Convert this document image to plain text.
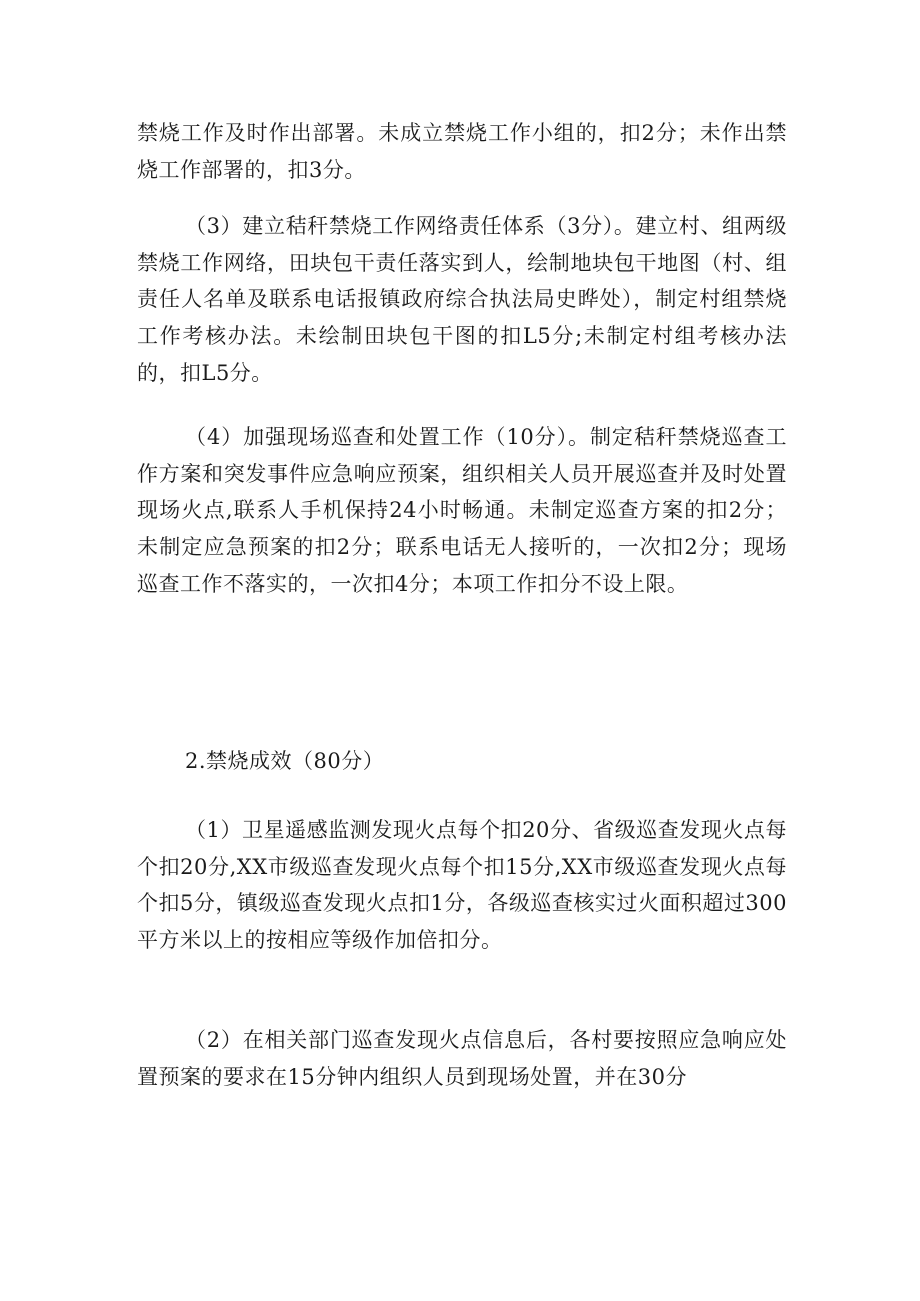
禁烧工作及时作出部署。未成立禁烧工作小组的，扣2分；未作出禁烧工作部署的，扣3分。

（3）建立秸秆禁烧工作网络责任体系（3分）。建立村、组两级禁烧工作网络，田块包干责任落实到人，绘制地块包干地图（村、组责任人名单及联系电话报镇政府综合执法局史晔处），制定村组禁烧工作考核办法。未绘制田块包干图的扣L5分;未制定村组考核办法的，扣L5分。

（4）加强现场巡查和处置工作（10分）。制定秸秆禁烧巡查工作方案和突发事件应急响应预案，组织相关人员开展巡查并及时处置现场火点,联系人手机保持24小时畅通。未制定巡查方案的扣2分；未制定应急预案的扣2分；联系电话无人接听的，一次扣2分；现场巡查工作不落实的，一次扣4分；本项工作扣分不设上限。

2.禁烧成效（80分）

（1）卫星遥感监测发现火点每个扣20分、省级巡查发现火点每个扣20分,XX市级巡查发现火点每个扣15分,XX市级巡查发现火点每个扣5分，镇级巡查发现火点扣1分，各级巡查核实过火面积超过300平方米以上的按相应等级作加倍扣分。

（2）在相关部门巡查发现火点信息后，各村要按照应急响应处置预案的要求在15分钟内组织人员到现场处置，并在30分
